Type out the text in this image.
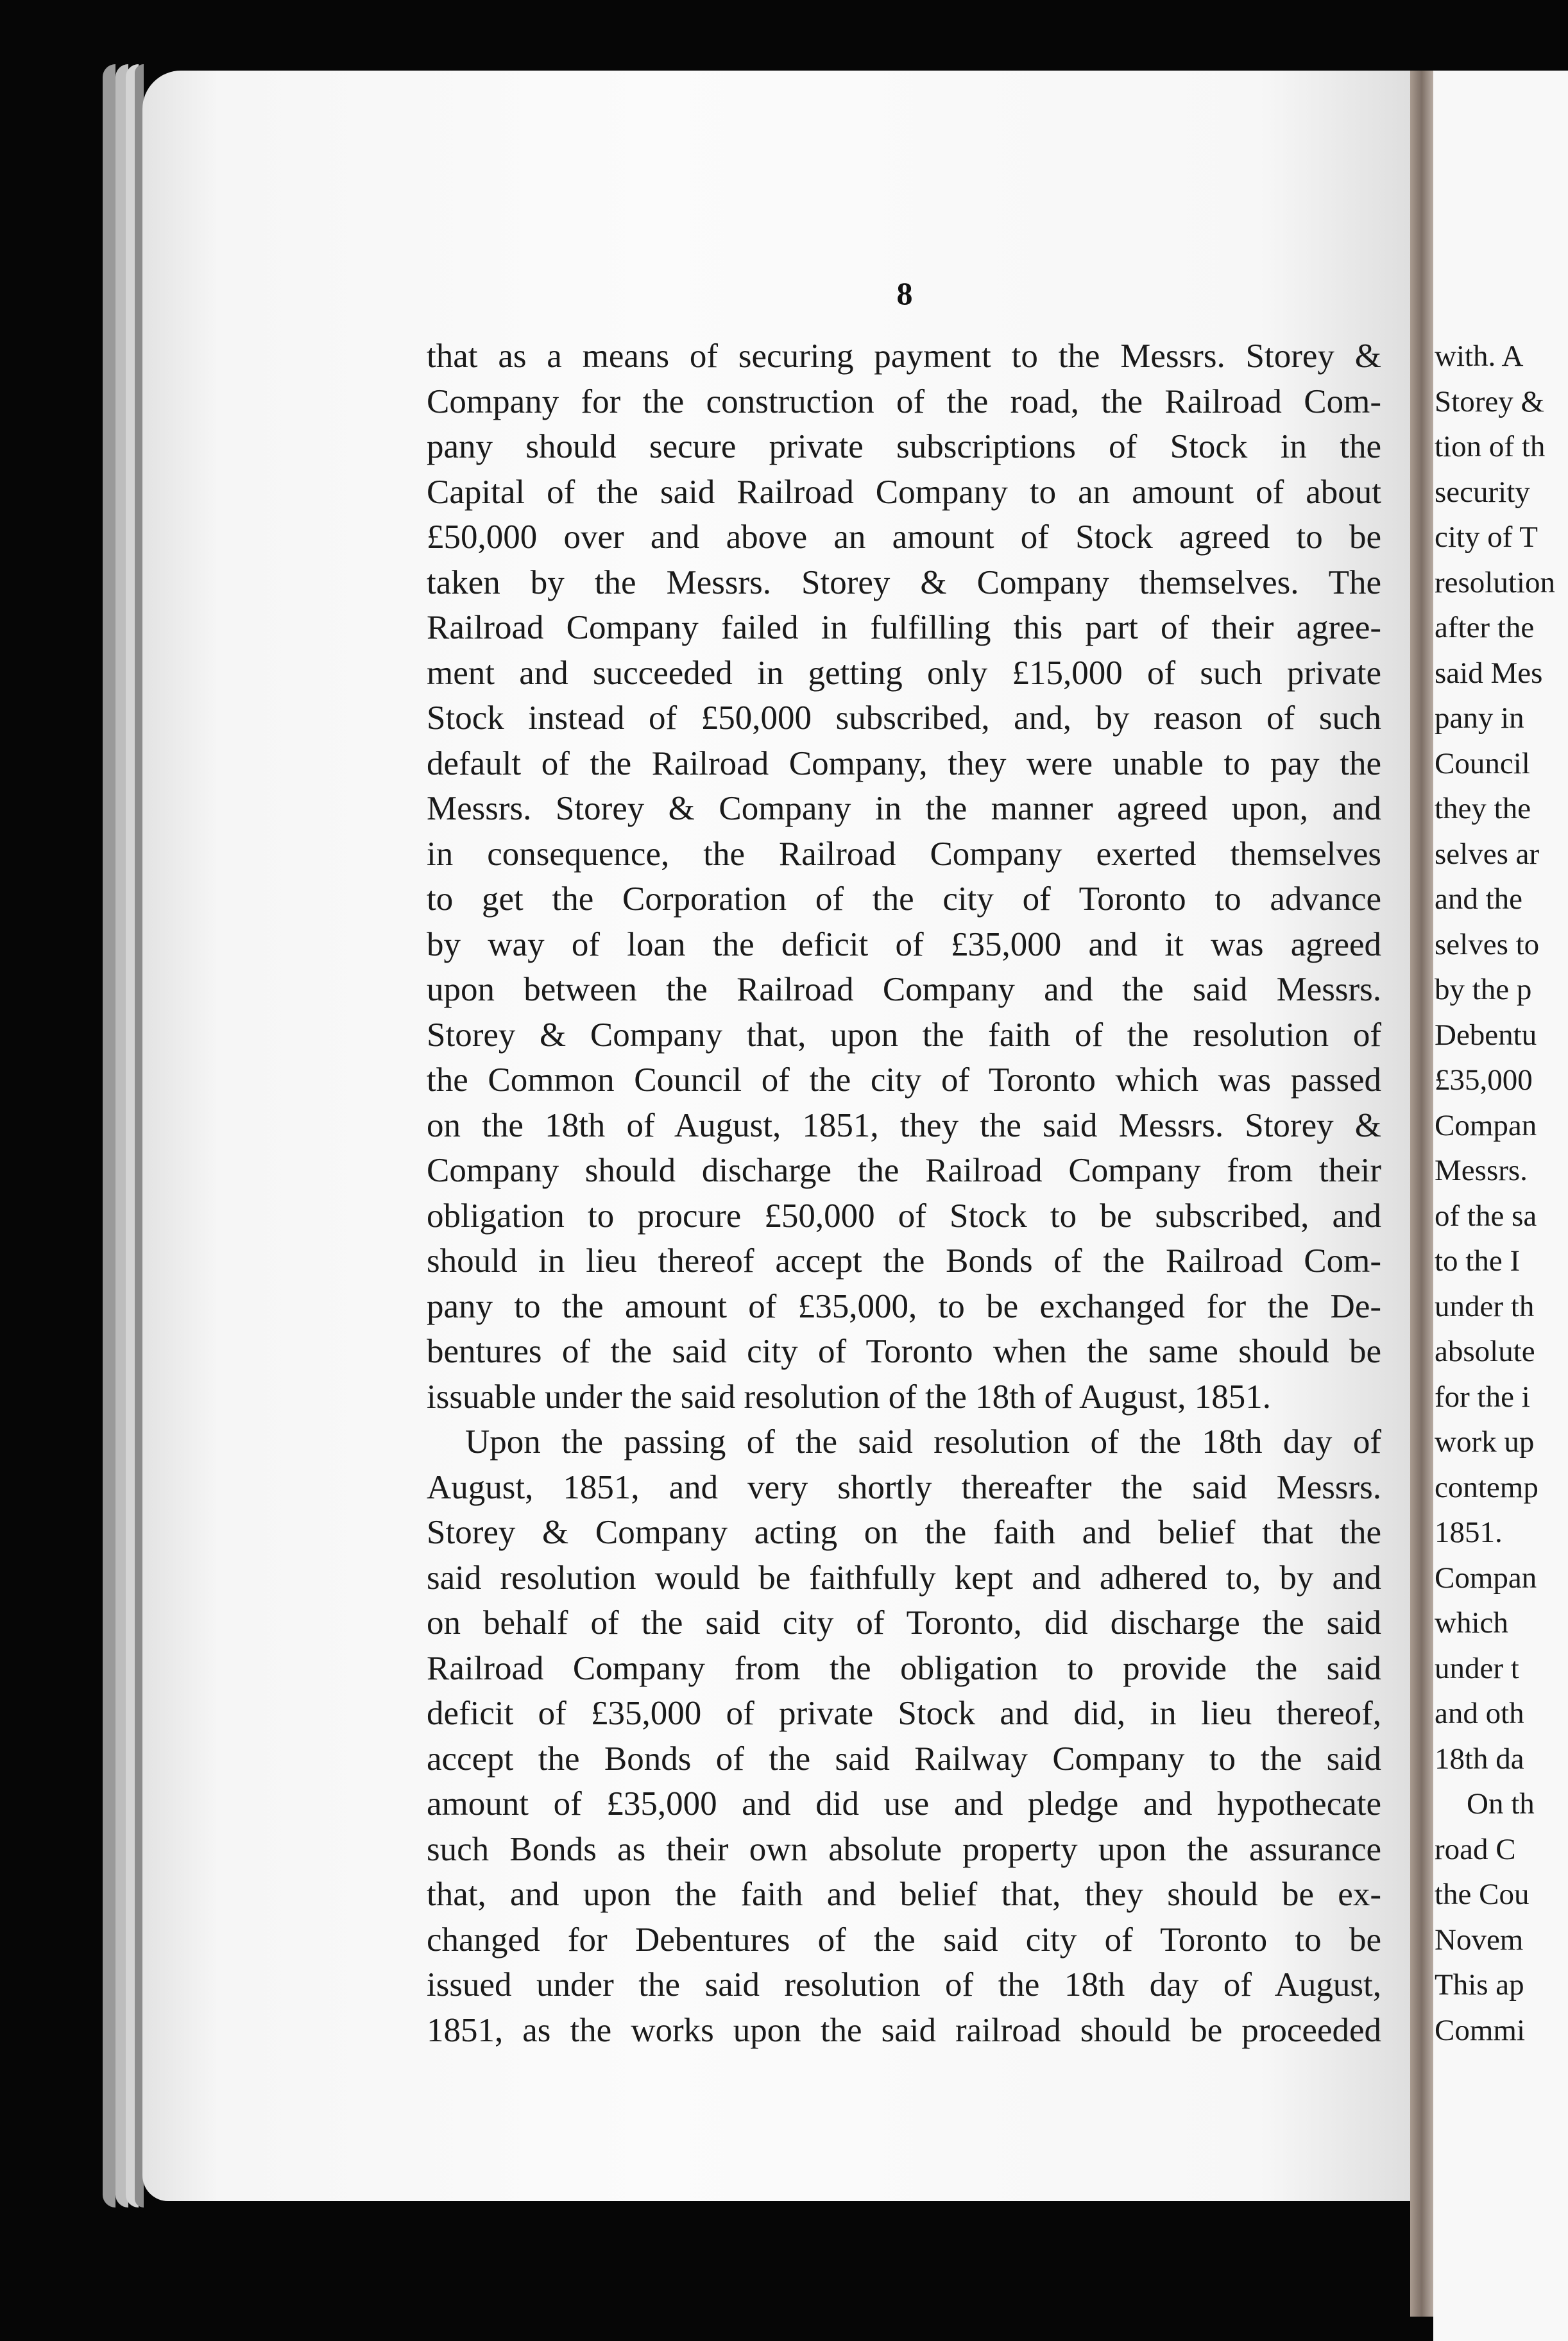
8
that as a means of securing payment to the Messrs. Storey &
Company for the construction of the road, the Railroad Com-
pany should secure private subscriptions of Stock in the
Capital of the said Railroad Company to an amount of about
£50,000 over and above an amount of Stock agreed to be
taken by the Messrs. Storey & Company themselves. The
Railroad Company failed in fulfilling this part of their agree-
ment and succeeded in getting only £15,000 of such private
Stock instead of £50,000 subscribed, and, by reason of such
default of the Railroad Company, they were unable to pay the
Messrs. Storey & Company in the manner agreed upon, and
in consequence, the Railroad Company exerted themselves
to get the Corporation of the city of Toronto to advance
by way of loan the deficit of £35,000 and it was agreed
upon between the Railroad Company and the said Messrs.
Storey & Company that, upon the faith of the resolution of
the Common Council of the city of Toronto which was passed
on the 18th of August, 1851, they the said Messrs. Storey &
Company should discharge the Railroad Company from their
obligation to procure £50,000 of Stock to be subscribed, and
should in lieu thereof accept the Bonds of the Railroad Com-
pany to the amount of £35,000, to be exchanged for the De-
bentures of the said city of Toronto when the same should be
issuable under the said resolution of the 18th of August, 1851.
Upon the passing of the said resolution of the 18th day of
August, 1851, and very shortly thereafter the said Messrs.
Storey & Company acting on the faith and belief that the
said resolution would be faithfully kept and adhered to, by and
on behalf of the said city of Toronto, did discharge the said
Railroad Company from the obligation to provide the said
deficit of £35,000 of private Stock and did, in lieu thereof,
accept the Bonds of the said Railway Company to the said
amount of £35,000 and did use and pledge and hypothecate
such Bonds as their own absolute property upon the assurance
that, and upon the faith and belief that, they should be ex-
changed for Debentures of the said city of Toronto to be
issued under the said resolution of the 18th day of August,
1851, as the works upon the said railroad should be proceeded
with. A
Storey &
tion of th
security
city of T
resolution
after the
said Mes
pany in
Council
they the
selves ar
and the
selves to
by the p
Debentu
£35,000
Compan
Messrs.
of the sa
to the I
under th
absolute
for the i
work up
contemp
1851.
Compan
which
under t
and oth
18th da
On th
road C
the Cou
Novem
This ap
Commi
